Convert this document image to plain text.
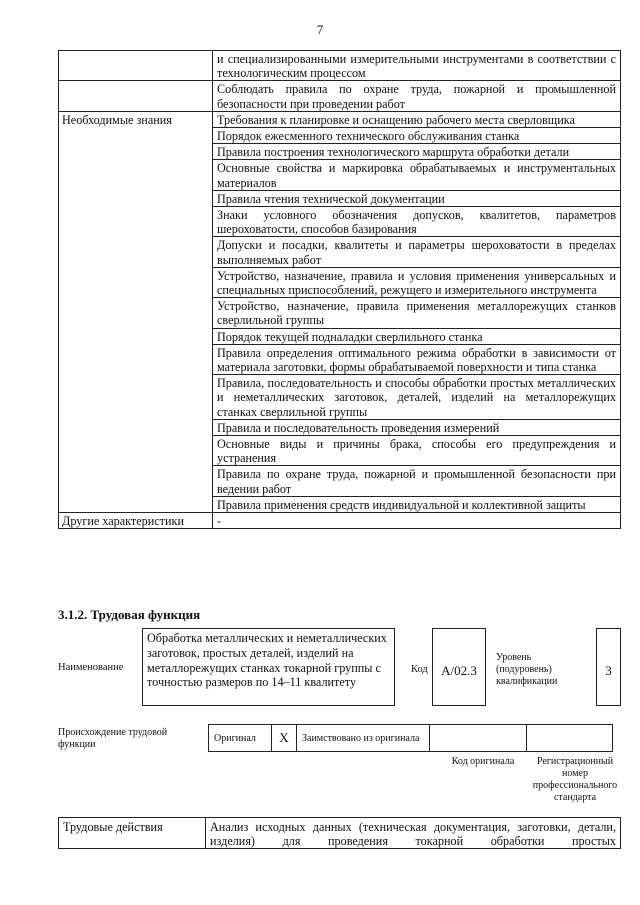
7
	и специализированными измерительными инструментами в соответствии с технологическим процессом
	Соблюдать правила по охране труда, пожарной и промышленной безопасности при проведении работ
Необходимые знания	Требования к планировке и оснащению рабочего места сверловщика
	Порядок ежесменного технического обслуживания станка
	Правила построения технологического маршрута обработки детали
	Основные свойства и маркировка обрабатываемых и инструментальных материалов
	Правила чтения технической документации
	Знаки условного обозначения допусков, квалитетов, параметров шероховатости, способов базирования
	Допуски и посадки, квалитеты и параметры шероховатости в пределах выполняемых работ
	Устройство, назначение, правила и условия применения универсальных и специальных приспособлений, режущего и измерительного инструмента
	Устройство, назначение, правила применения металлорежущих станков сверлильной группы
	Порядок текущей подналадки сверлильного станка
	Правила определения оптимального режима обработки в зависимости от материала заготовки, формы обрабатываемой поверхности и типа станка
	Правила, последовательность и способы обработки простых металлических и неметаллических заготовок, деталей, изделий на металлорежущих станках сверлильной группы
	Правила и последовательность проведения измерений
	Основные виды и причины брака, способы его предупреждения и устранения
	Правила по охране труда, пожарной и промышленной безопасности при ведении работ
	Правила применения средств индивидуальной и коллективной защиты
Другие характеристики	-
3.1.2. Трудовая функция
Наименование
Обработка металлических и неметаллических заготовок, простых деталей, изделий на металлорежущих станках токарной группы с точностью размеров по 14–11 квалитету
Код	А/02.3
Уровень (подуровень) квалификации
3
Происхождение трудовой функции
Оригинал	X	Заимствовано из оригинала		
Код оригинала	Регистрационный номер профессионального стандарта
Трудовые действия	Анализ исходных данных (техническая документация, заготовки, детали, изделия) для проведения токарной обработки простых
